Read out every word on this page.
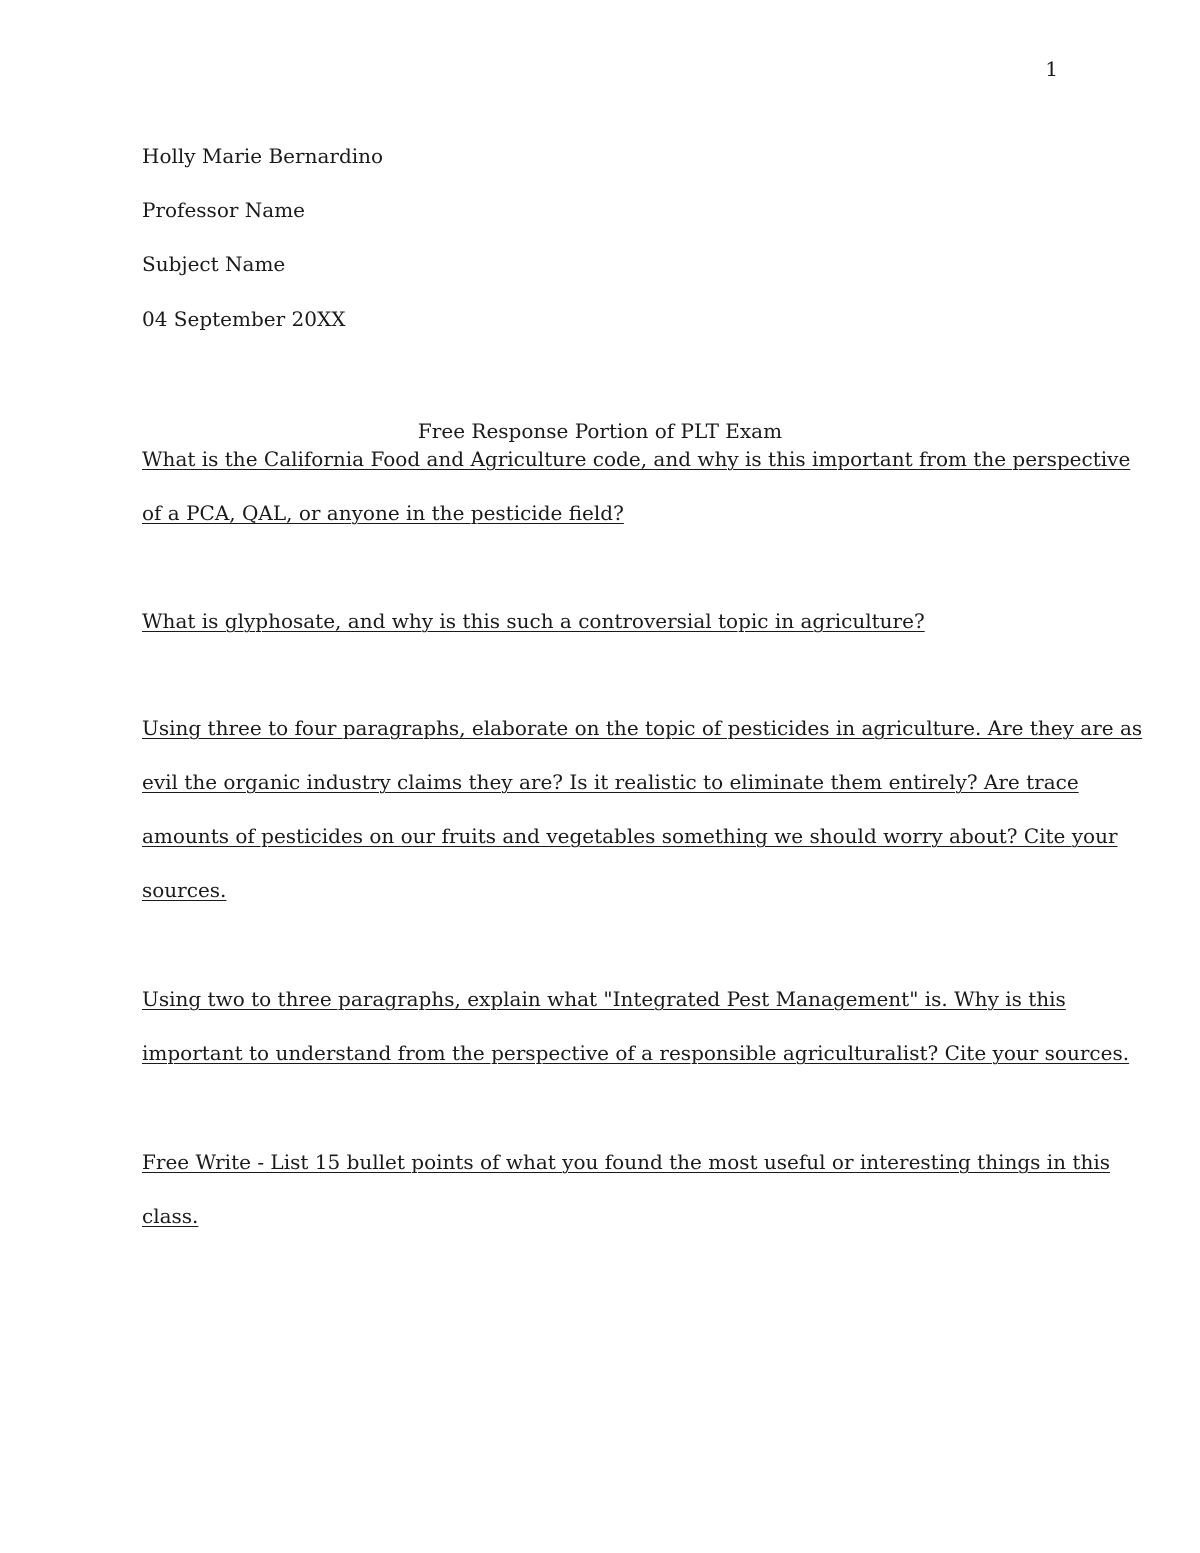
1
Holly Marie Bernardino
Professor Name
Subject Name
04 September 20XX
Free Response Portion of PLT Exam
What is the California Food and Agriculture code, and why is this important from the perspective
of a PCA, QAL, or anyone in the pesticide field?
What is glyphosate, and why is this such a controversial topic in agriculture?
Using three to four paragraphs, elaborate on the topic of pesticides in agriculture. Are they are as
evil the organic industry claims they are? Is it realistic to eliminate them entirely? Are trace
amounts of pesticides on our fruits and vegetables something we should worry about? Cite your
sources.
Using two to three paragraphs, explain what "Integrated Pest Management" is. Why is this
important to understand from the perspective of a responsible agriculturalist? Cite your sources.
Free Write - List 15 bullet points of what you found the most useful or interesting things in this
class.
